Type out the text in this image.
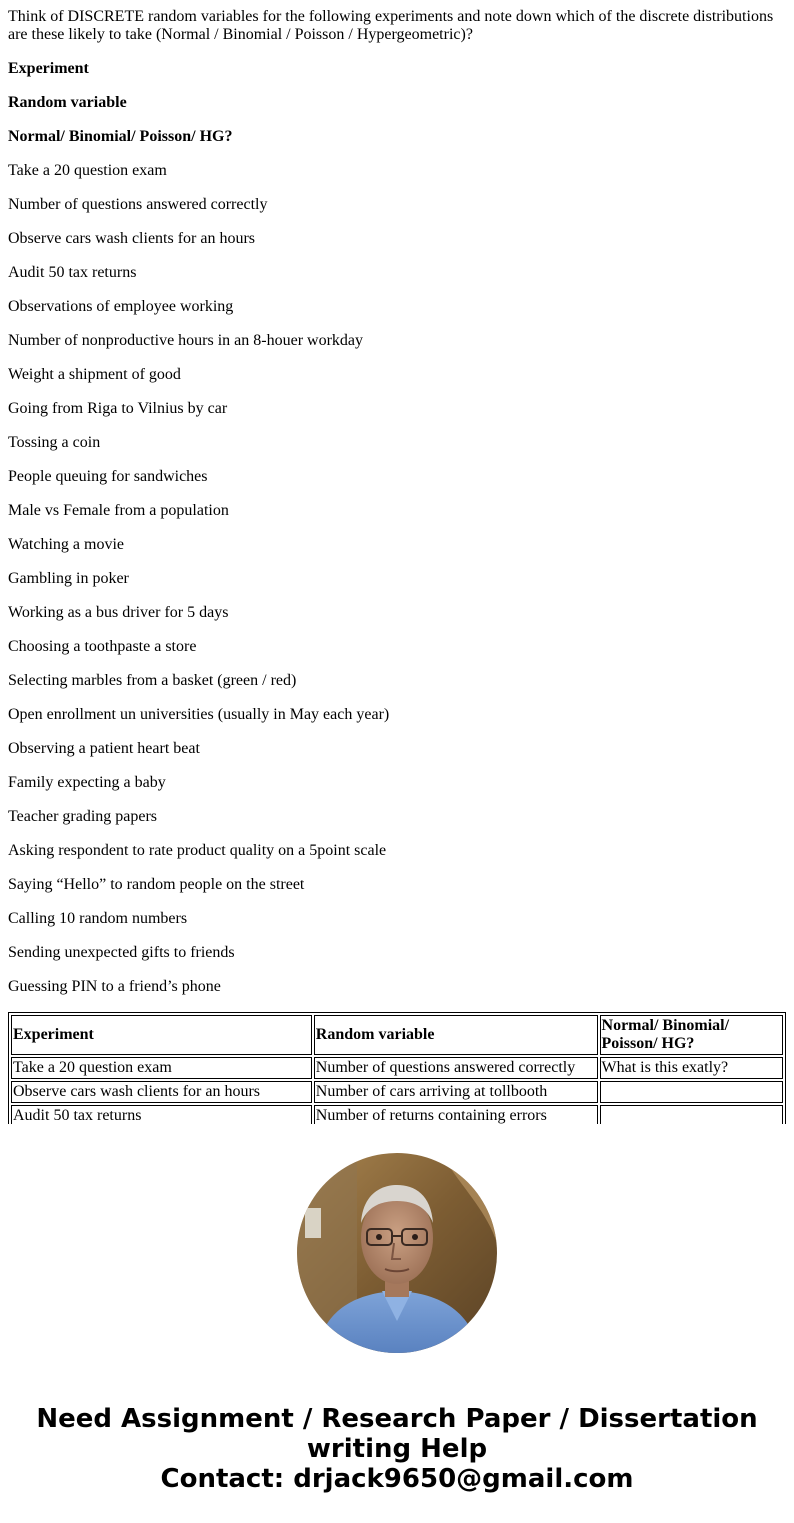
Think of DISCRETE random variables for the following experiments and note down which of the discrete distributions are these likely to take (Normal / Binomial / Poisson / Hypergeometric)?

Experiment

Random variable

Normal/ Binomial/ Poisson/ HG?

Take a 20 question exam

Number of questions answered correctly

Observe cars wash clients for an hours

Audit 50 tax returns

Observations of employee working

Number of nonproductive hours in an 8-houer workday

Weight a shipment of good

Going from Riga to Vilnius by car

Tossing a coin

People queuing for sandwiches

Male vs Female from a population

Watching a movie

Gambling in poker

Working as a bus driver for 5 days

Choosing a toothpaste a store

Selecting marbles from a basket (green / red)

Open enrollment un universities (usually in May each year)

Observing a patient heart beat

Family expecting a baby

Teacher grading papers

Asking respondent to rate product quality on a 5point scale

Saying “Hello” to random people on the street

Calling 10 random numbers

Sending unexpected gifts to friends

Guessing PIN to a friend’s phone

Experiment	Random variable	Normal/ Binomial/ Poisson/ HG?
Take a 20 question exam	Number of questions answered correctly	What is this exatly?
Observe cars wash clients for an hours	Number of cars arriving at tollbooth	
Audit 50 tax returns	Number of returns containing errors	

Need Assignment / Research Paper / Dissertation
writing Help
Contact: drjack9650@gmail.com
